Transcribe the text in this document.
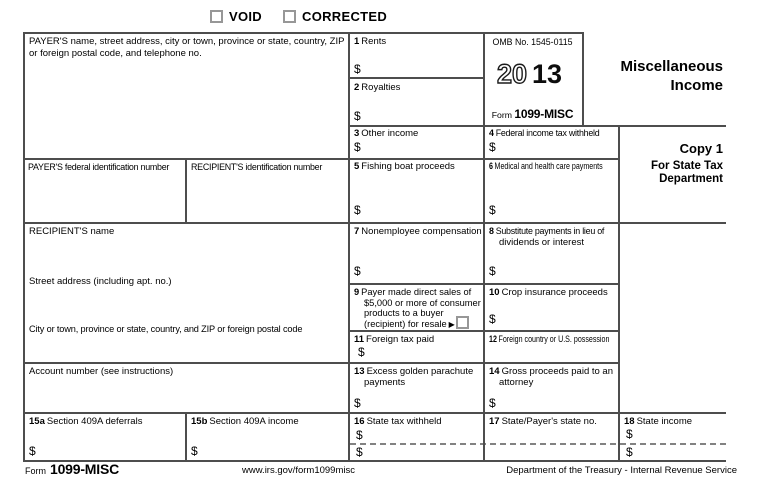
VOID	CORRECTED
OMB No. 1545-0115
20 13
Form 1099-MISC
Miscellaneous
Income
Copy 1
For State Tax
Department
PAYER'S name, street address, city or town, province or state, country, ZIP or foreign postal code, and telephone no.
PAYER'S federal identification number RECIPIENT'S identification number
RECIPIENT'S name
Street address (including apt. no.)
City or town, province or state, country, and ZIP or foreign postal code
Account number (see instructions)
1 Rents
$
2 Royalties
$
3 Other income
$
4 Federal income tax withheld
$
5 Fishing boat proceeds
$
6 Medical and health care payments
$
7 Nonemployee compensation
$
8 Substitute payments in lieu of
dividends or interest
$
9 Payer made direct sales of
$5,000 or more of consumer
products to a buyer
(recipient) for resale ▶
10 Crop insurance proceeds
$
11 Foreign tax paid
$
12 Foreign country or U.S. possession
13 Excess golden parachute
payments
$
14 Gross proceeds paid to an
attorney
$
15a Section 409A deferrals
$
15b Section 409A income
$
16 State tax withheld
$
$
17 State/Payer's state no.	18 State income
$
$
Form 1099-MISC	www.irs.gov/form1099misc	Department of the Treasury - Internal Revenue Service
